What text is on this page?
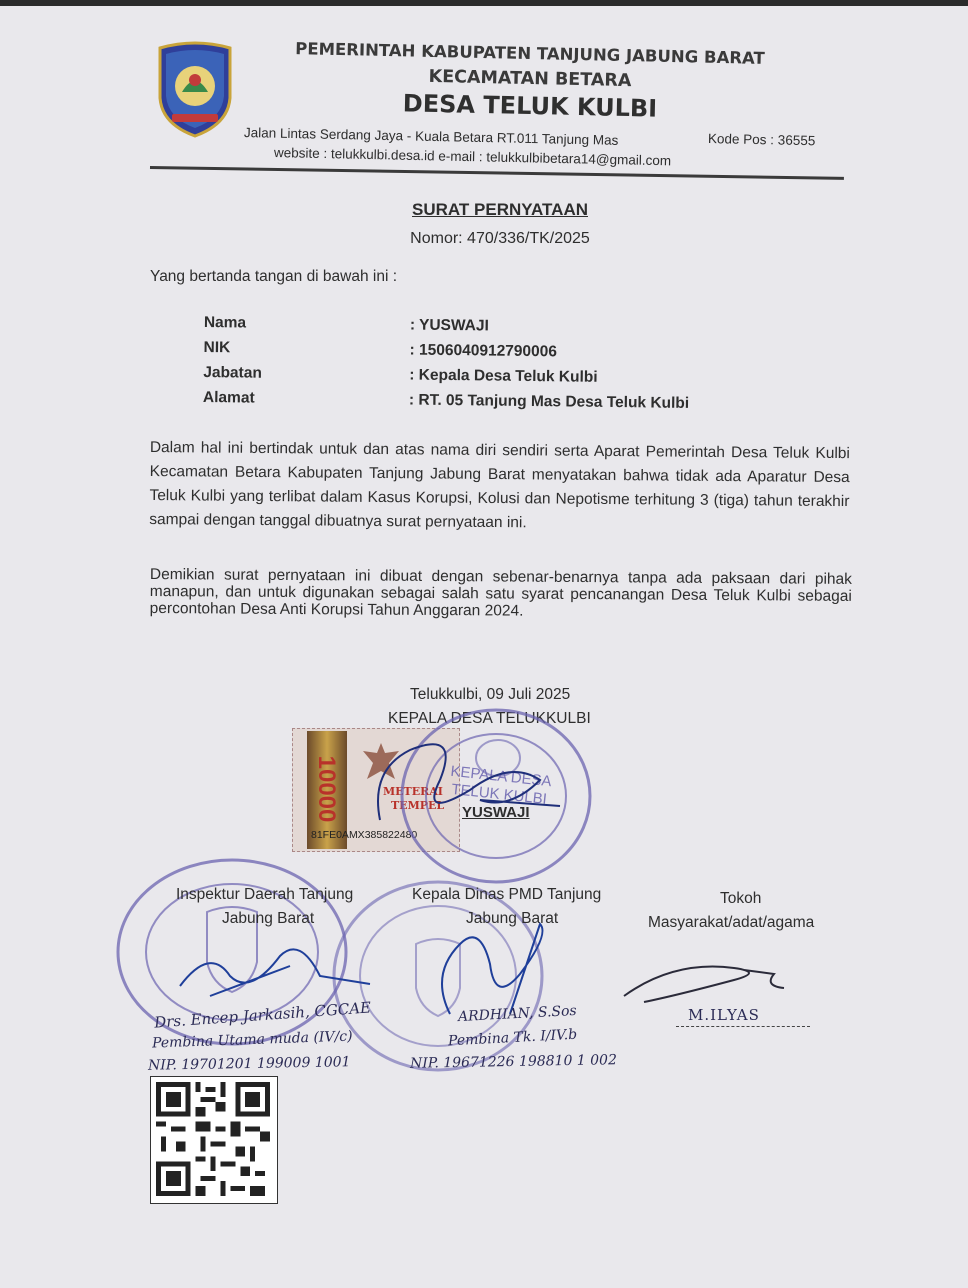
PEMERINTAH KABUPATEN TANJUNG JABUNG BARAT
KECAMATAN BETARA
DESA TELUK KULBI
Jalan Lintas Serdang Jaya - Kuala Betara RT.011 Tanjung Mas	Kode Pos : 36555
website : telukkulbi.desa.id e-mail : telukkulbibetara14@gmail.com
SURAT PERNYATAAN
Nomor: 470/336/TK/2025
Yang bertanda tangan di bawah ini :
Nama	: YUSWAJI
NIK	: 1506040912790006
Jabatan	: Kepala Desa Teluk Kulbi
Alamat	: RT. 05 Tanjung Mas Desa Teluk Kulbi
Dalam hal ini bertindak untuk dan atas nama diri sendiri serta Aparat Pemerintah Desa Teluk Kulbi Kecamatan Betara Kabupaten Tanjung Jabung Barat menyatakan bahwa tidak ada Aparatur Desa Teluk Kulbi yang terlibat dalam Kasus Korupsi, Kolusi dan Nepotisme terhitung 3 (tiga) tahun terakhir sampai dengan tanggal dibuatnya surat pernyataan ini.
Demikian surat pernyataan ini dibuat dengan sebenar-benarnya tanpa ada paksaan dari pihak manapun, dan untuk digunakan sebagai salah satu syarat pencanangan Desa Teluk Kulbi sebagai percontohan Desa Anti Korupsi Tahun Anggaran 2024.
Telukkulbi, 09 Juli 2025
KEPALA DESA TELUKKULBI
10000	METERAI
TEMPEL
81FE0AMX385822480
KEPALA DESA TELUK KULBI
YUSWAJI
Inspektur Daerah Tanjung
Jabung Barat
Kepala Dinas PMD Tanjung
Jabung Barat
Tokoh
Masyarakat/adat/agama
Drs. Encep Jarkasih, CGCAE
Pembina Utama muda (IV/c)
NIP. 19701201 199009 1001
ARDHIAN, S.Sos
Pembina Tk. I/IV.b
NIP. 19671226 198810 1 002
M.ILYAS
